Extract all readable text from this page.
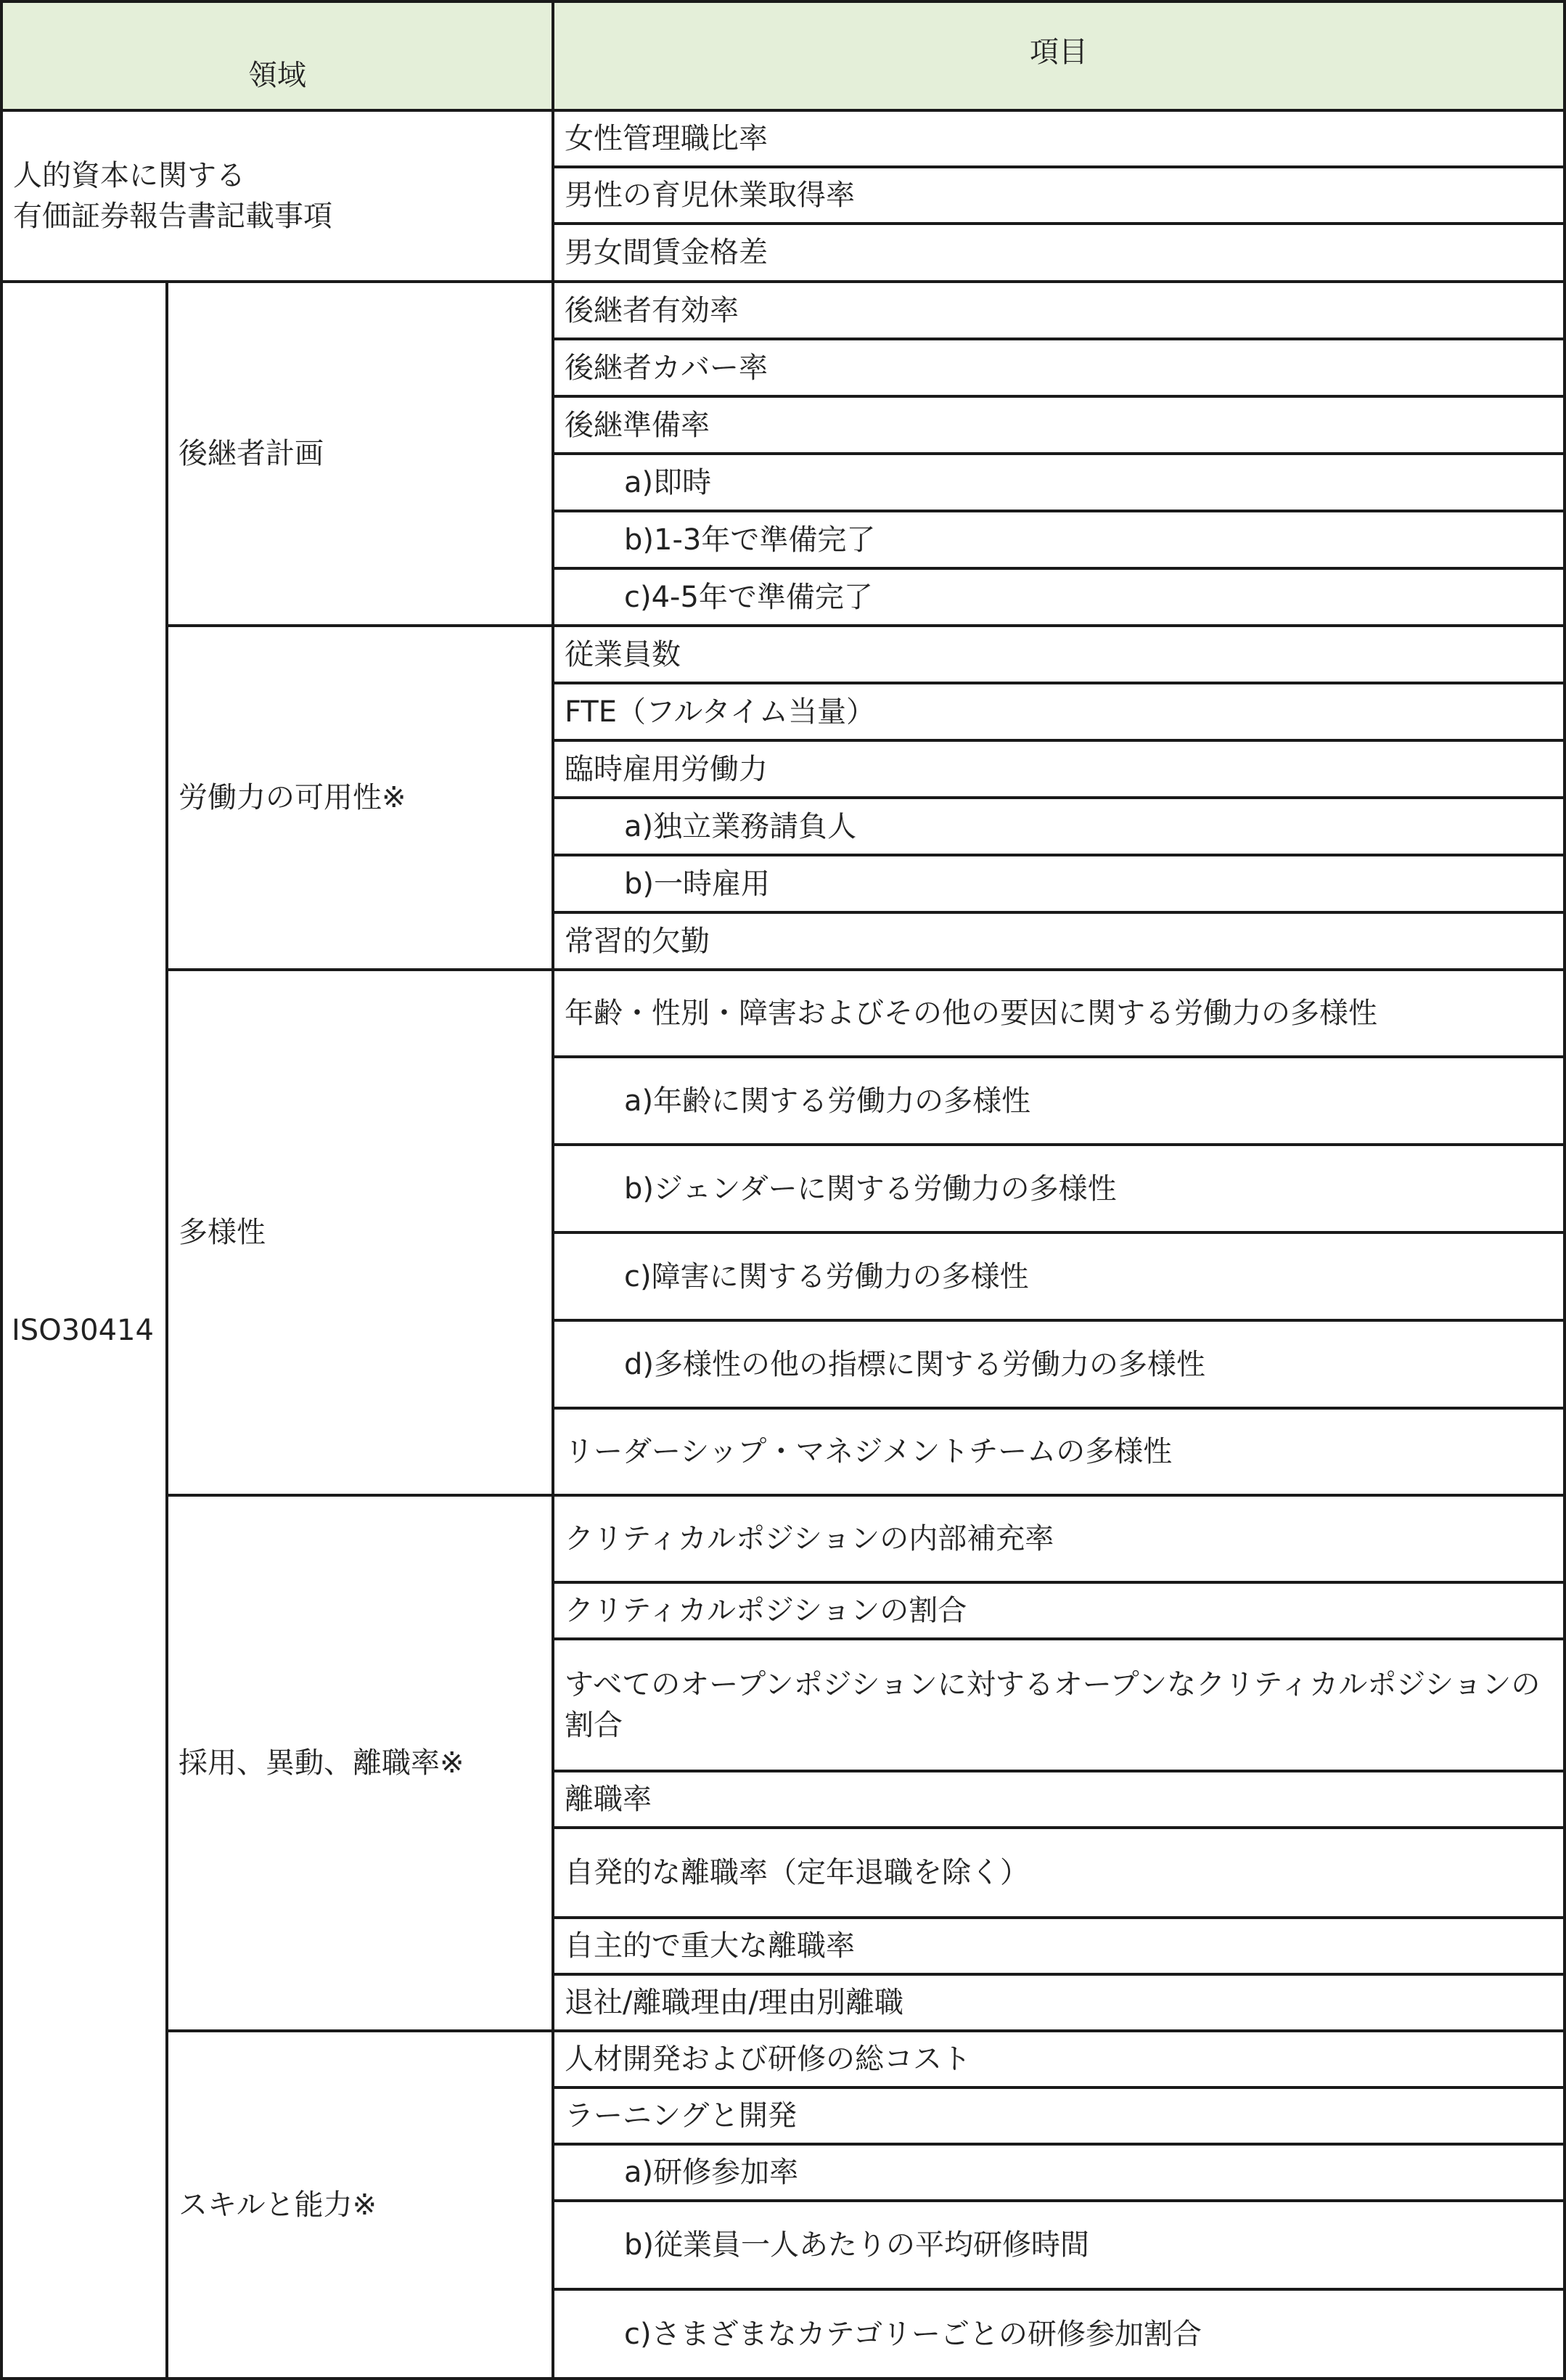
領域
項目
人的資本に関する
有価証券報告書記載事項
女性管理職比率
男性の育児休業取得率
男女間賃金格差
ISO30414
後継者計画
後継者有効率
後継者カバー率
後継準備率
a)即時
b)1-3年で準備完了
c)4-5年で準備完了
労働力の可用性※
従業員数
FTE（フルタイム当量）
臨時雇用労働力
a)独立業務請負人
b)一時雇用
常習的欠勤
多様性
年齢・性別・障害およびその他の要因に関する労働力の多様性
a)年齢に関する労働力の多様性
b)ジェンダーに関する労働力の多様性
c)障害に関する労働力の多様性
d)多様性の他の指標に関する労働力の多様性
リーダーシップ・マネジメントチームの多様性
採用、異動、離職率※
クリティカルポジションの内部補充率
クリティカルポジションの割合
すべてのオープンポジションに対するオープンなクリティカルポジションの割合
離職率
自発的な離職率（定年退職を除く）
自主的で重大な離職率
退社/離職理由/理由別離職
スキルと能力※
人材開発および研修の総コスト
ラーニングと開発
a)研修参加率
b)従業員一人あたりの平均研修時間
c)さまざまなカテゴリーごとの研修参加割合
